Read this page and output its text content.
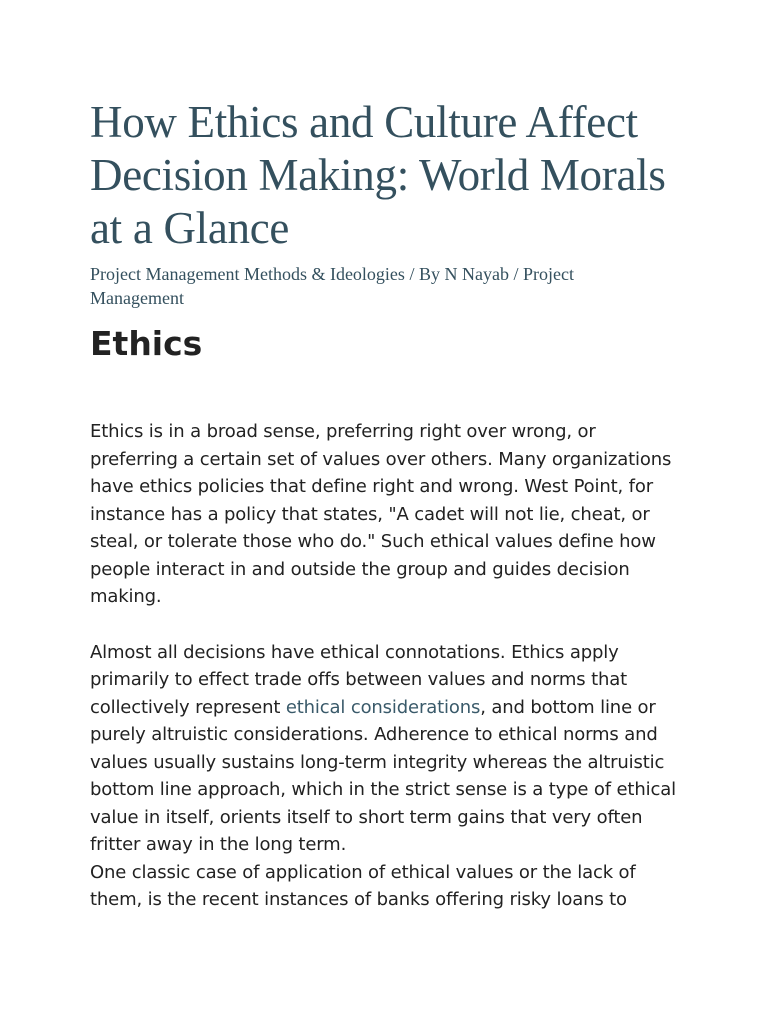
How Ethics and Culture Affect Decision Making: World Morals at a Glance
Project Management Methods & Ideologies / By N Nayab / Project Management
Ethics

Ethics is in a broad sense, preferring right over wrong, or preferring a certain set of values over others. Many organizations have ethics policies that define right and wrong. West Point, for instance has a policy that states, "A cadet will not lie, cheat, or steal, or tolerate those who do." Such ethical values define how people interact in and outside the group and guides decision making.

Almost all decisions have ethical connotations. Ethics apply primarily to effect trade offs between values and norms that collectively represent ethical considerations, and bottom line or purely altruistic considerations. Adherence to ethical norms and values usually sustains long-term integrity whereas the altruistic bottom line approach, which in the strict sense is a type of ethical value in itself, orients itself to short term gains that very often fritter away in the long term.

One classic case of application of ethical values or the lack of them, is the recent instances of banks offering risky loans to
